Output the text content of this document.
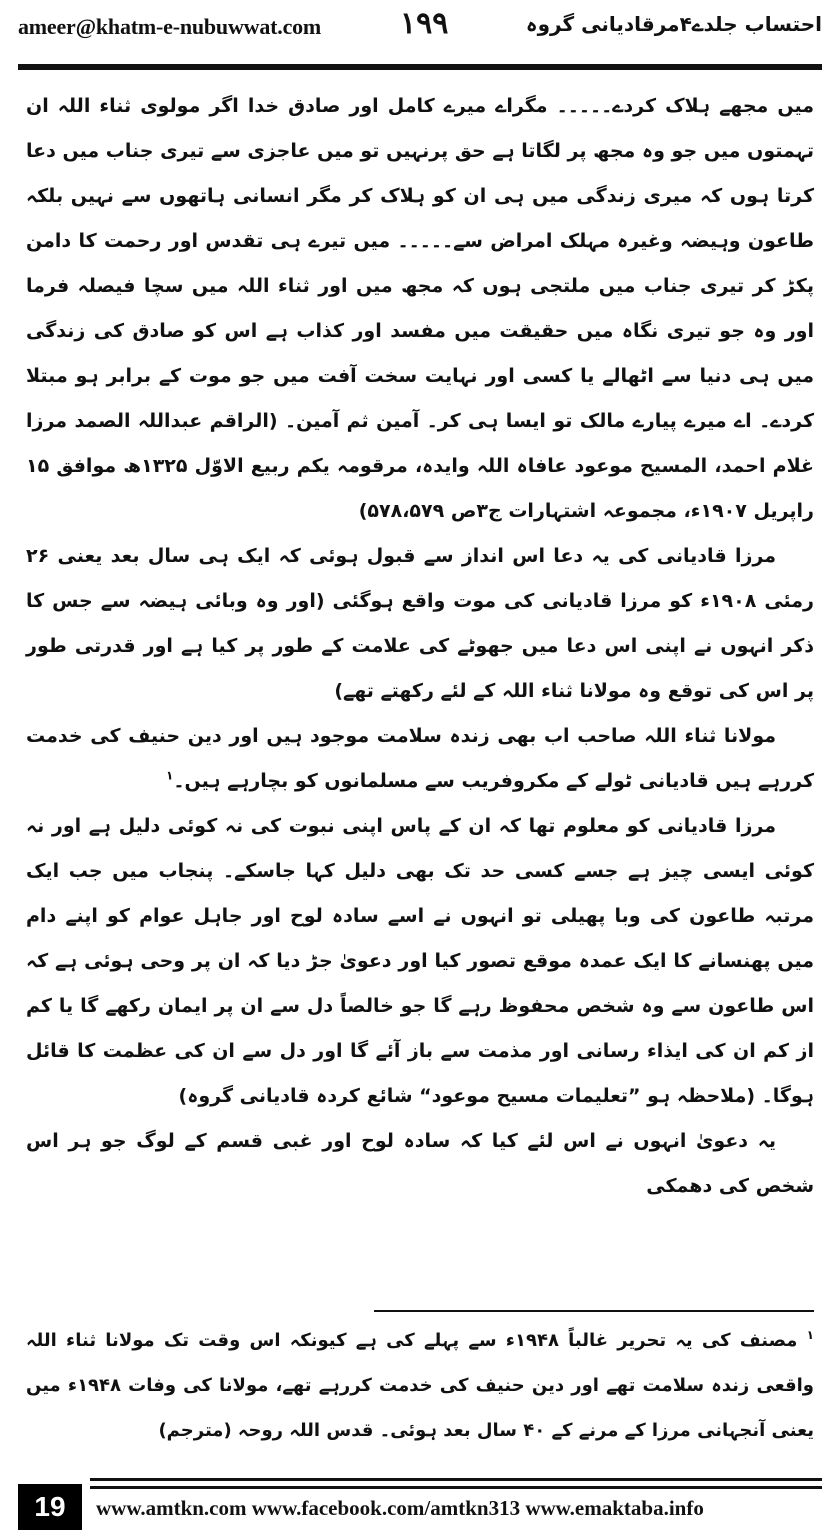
ameer@khatm-e-nubuwwat.com	۱۹۹	احتساب جلدے۴مرقادیانی گروہ

میں مجھے ہلاک کردے۔۔۔۔۔ مگراے میرے کامل اور صادق خدا اگر مولوی ثناء اللہ ان تہمتوں میں جو وہ مجھ پر لگاتا ہے حق پرنہیں تو میں عاجزی سے تیری جناب میں دعا کرتا ہوں کہ میری زندگی میں ہی ان کو ہلاک کر مگر انسانی ہاتھوں سے نہیں بلکہ طاعون وہیضہ وغیرہ مہلک امراض سے۔۔۔۔۔ میں تیرے ہی تقدس اور رحمت کا دامن پکڑ کر تیری جناب میں ملتجی ہوں کہ مجھ میں اور ثناء اللہ میں سچا فیصلہ فرما اور وہ جو تیری نگاہ میں حقیقت میں مفسد اور کذاب ہے اس کو صادق کی زندگی میں ہی دنیا سے اٹھالے یا کسی اور نہایت سخت آفت میں جو موت کے برابر ہو مبتلا کردے۔ اے میرے پیارے مالک تو ایسا ہی کر۔ آمین ثم آمین۔ (الراقم عبداللہ الصمد مرزا غلام احمد، المسیح موعود عافاہ اللہ وایدہ، مرقومہ یکم ربیع الاوّل ۱۳۲۵ھ موافق ۱۵ راپریل ۱۹۰۷ء، مجموعہ اشتہارات ج۳ص ۵۷۸،۵۷۹)

مرزا قادیانی کی یہ دعا اس انداز سے قبول ہوئی کہ ایک ہی سال بعد یعنی ۲۶ رمئی ۱۹۰۸ء کو مرزا قادیانی کی موت واقع ہوگئی (اور وہ وبائی ہیضہ سے جس کا ذکر انہوں نے اپنی اس دعا میں جھوٹے کی علامت کے طور پر کیا ہے اور قدرتی طور پر اس کی توقع وہ مولانا ثناء اللہ کے لئے رکھتے تھے)

مولانا ثناء اللہ صاحب اب بھی زندہ سلامت موجود ہیں اور دین حنیف کی خدمت کررہے ہیں قادیانی ٹولے کے مکروفریب سے مسلمانوں کو بچارہے ہیں۔$^۱$

مرزا قادیانی کو معلوم تھا کہ ان کے پاس اپنی نبوت کی نہ کوئی دلیل ہے اور نہ کوئی ایسی چیز ہے جسے کسی حد تک بھی دلیل کہا جاسکے۔ پنجاب میں جب ایک مرتبہ طاعون کی وبا پھیلی تو انہوں نے اسے سادہ لوح اور جاہل عوام کو اپنے دام میں پھنسانے کا ایک عمدہ موقع تصور کیا اور دعویٰ جڑ دیا کہ ان پر وحی ہوئی ہے کہ اس طاعون سے وہ شخص محفوظ رہے گا جو خالصاً دل سے ان پر ایمان رکھے گا یا کم از کم ان کی ایذاء رسانی اور مذمت سے باز آئے گا اور دل سے ان کی عظمت کا قائل ہوگا۔ (ملاحظہ ہو ”تعلیمات مسیح موعود“ شائع کردہ قادیانی گروہ)

یہ دعویٰ انہوں نے اس لئے کیا کہ سادہ لوح اور غبی قسم کے لوگ جو ہر اس شخص کی دھمکی

$^۱$ مصنف کی یہ تحریر غالباً ۱۹۴۸ء سے پہلے کی ہے کیونکہ اس وقت تک مولانا ثناء اللہ واقعی زندہ سلامت تھے اور دین حنیف کی خدمت کررہے تھے، مولانا کی وفات ۱۹۴۸ء میں یعنی آنجہانی مرزا کے مرنے کے ۴۰ سال بعد ہوئی۔ قدس اللہ روحہ (مترجم)

19	www.amtkn.com www.facebook.com/amtkn313 www.emaktaba.info
